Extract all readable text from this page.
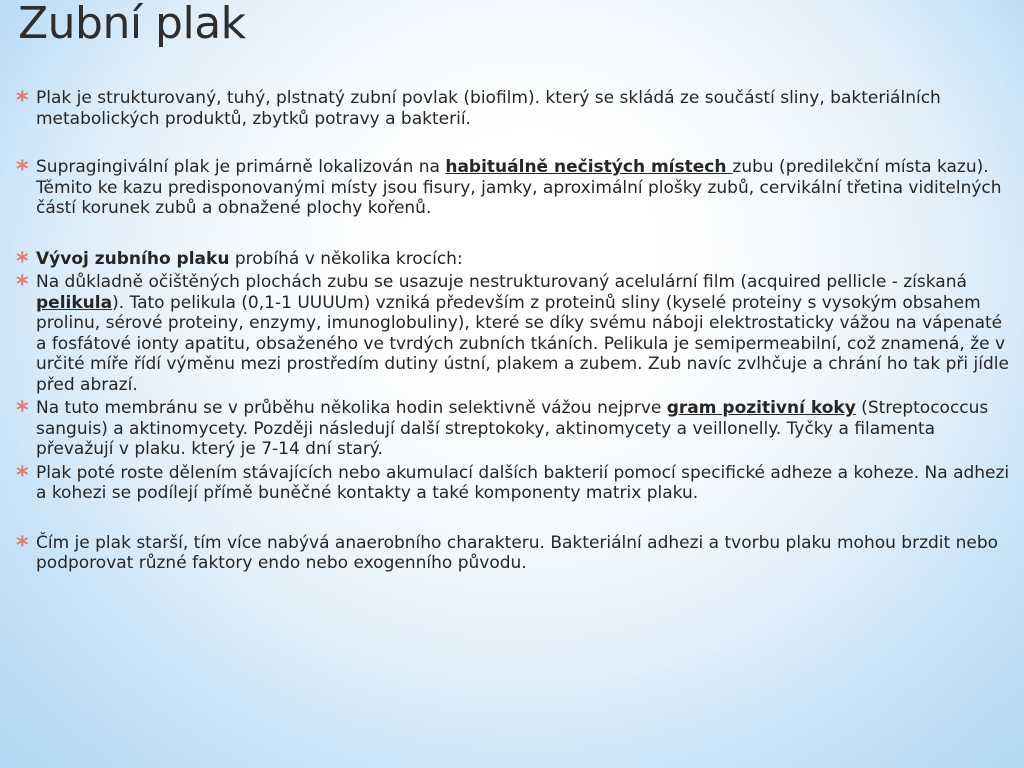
Zubní plak

* Plak je strukturovaný, tuhý, plstnatý zubní povlak (biofilm). který se skládá ze součástí sliny, bakteriálních metabolických produktů, zbytků potravy a bakterií.

* Supragingivální plak je primárně lokalizován na habituálně nečistých místech zubu (predilekční místa kazu). Těmito ke kazu predisponovanými místy jsou fisury, jamky, aproximální plošky zubů, cervikální třetina viditelných částí korunek zubů a obnažené plochy kořenů.

* Vývoj zubního plaku probíhá v několika krocích:

* Na důkladně očištěných plochách zubu se usazuje nestrukturovaný acelulární film (acquired pellicle - získaná pelikula). Tato pelikula (0,1-1 UUUUm) vzniká především z proteinů sliny (kyselé proteiny s vysokým obsahem prolinu, sérové proteiny, enzymy, imunoglobuliny), které se díky svému náboji elektrostaticky vážou na vápenaté a fosfátové ionty apatitu, obsaženého ve tvrdých zubních tkáních. Pelikula je semipermeabilní, což znamená, že v určité míře řídí výměnu mezi prostředím dutiny ústní, plakem a zubem. Zub navíc zvlhčuje a chrání ho tak při jídle před abrazí.

* Na tuto membránu se v průběhu několika hodin selektivně vážou nejprve gram pozitivní koky (Streptococcus sanguis) a aktinomycety. Později následují další streptokoky, aktinomycety a veillonelly. Tyčky a filamenta převažují v plaku. který je 7-14 dní starý.

* Plak poté roste dělením stávajících nebo akumulací dalších bakterií pomocí specifické adheze a koheze. Na adhezi a kohezi se podílejí přímě buněčné kontakty a také komponenty matrix plaku.

* Čím je plak starší, tím více nabývá anaerobního charakteru. Bakteriální adhezi a tvorbu plaku mohou brzdit nebo podporovat různé faktory endo nebo exogenního původu.
